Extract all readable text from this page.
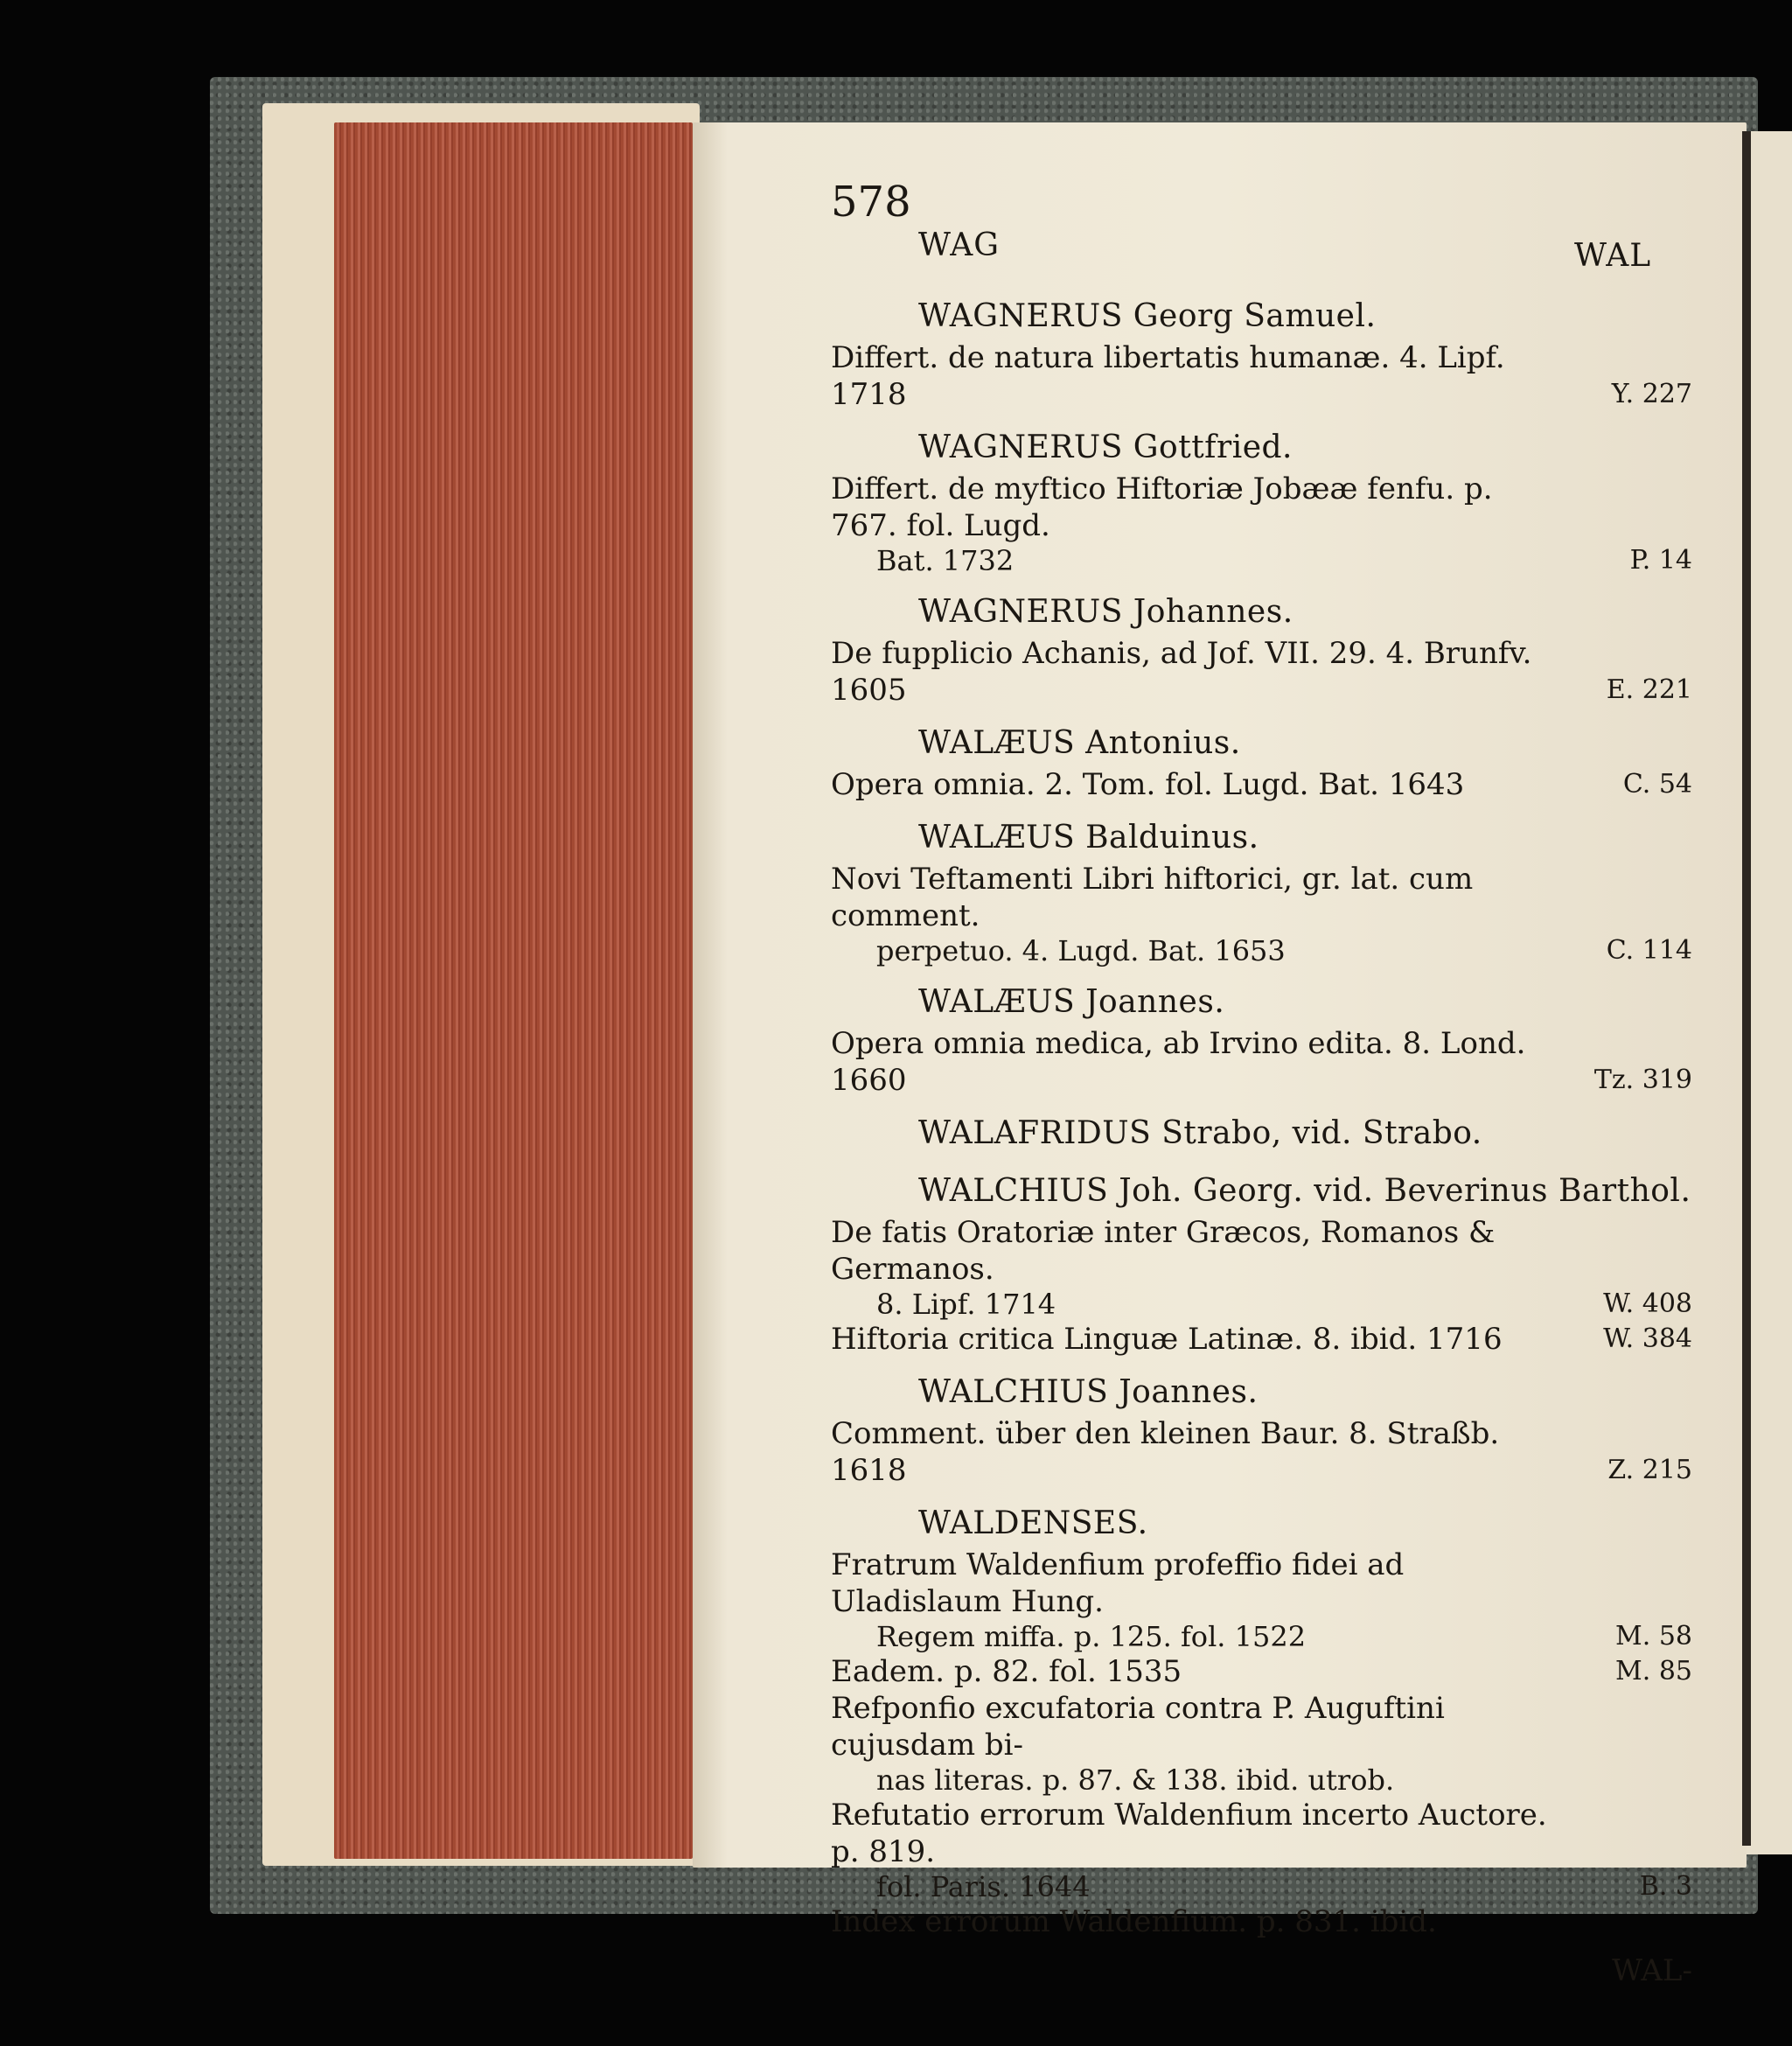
578
WAG	WAL
WAGNERUS Georg Samuel.
Differt. de natura libertatis humanæ. 4. Lipf. 1718	Y. 227
WAGNERUS Gottfried.
Differt. de myftico Hiftoriæ Jobææ fenfu. p. 767. fol. Lugd.
Bat. 1732	P. 14
WAGNERUS Johannes.
De fupplicio Achanis, ad Jof. VII. 29. 4. Brunfv. 1605	E. 221
WALÆUS Antonius.
Opera omnia. 2. Tom. fol. Lugd. Bat. 1643	C. 54
WALÆUS Balduinus.
Novi Teftamenti Libri hiftorici, gr. lat. cum comment.
perpetuo. 4. Lugd. Bat. 1653	C. 114
WALÆUS Joannes.
Opera omnia medica, ab Irvino edita. 8. Lond. 1660	Tz. 319
WALAFRIDUS Strabo, vid. Strabo.
WALCHIUS Joh. Georg. vid. Beverinus Barthol.
De fatis Oratoriæ inter Græcos, Romanos & Germanos.
8. Lipf. 1714	W. 408
Hiftoria critica Linguæ Latinæ. 8. ibid. 1716	W. 384
WALCHIUS Joannes.
Comment. über den kleinen Baur. 8. Straßb. 1618	Z. 215
WALDENSES.
Fratrum Waldenfium profeffio fidei ad Uladislaum Hung.
Regem miffa. p. 125. fol. 1522	M. 58
Eadem. p. 82. fol. 1535	M. 85
Refponfio excufatoria contra P. Auguftini cujusdam bi-
nas literas. p. 87. & 138. ibid. utrob.
Refutatio errorum Waldenfium incerto Auctore. p. 819.
fol. Paris. 1644	B. 3
Index errorum Waldenfium. p. 831. ibid.
WAL-
